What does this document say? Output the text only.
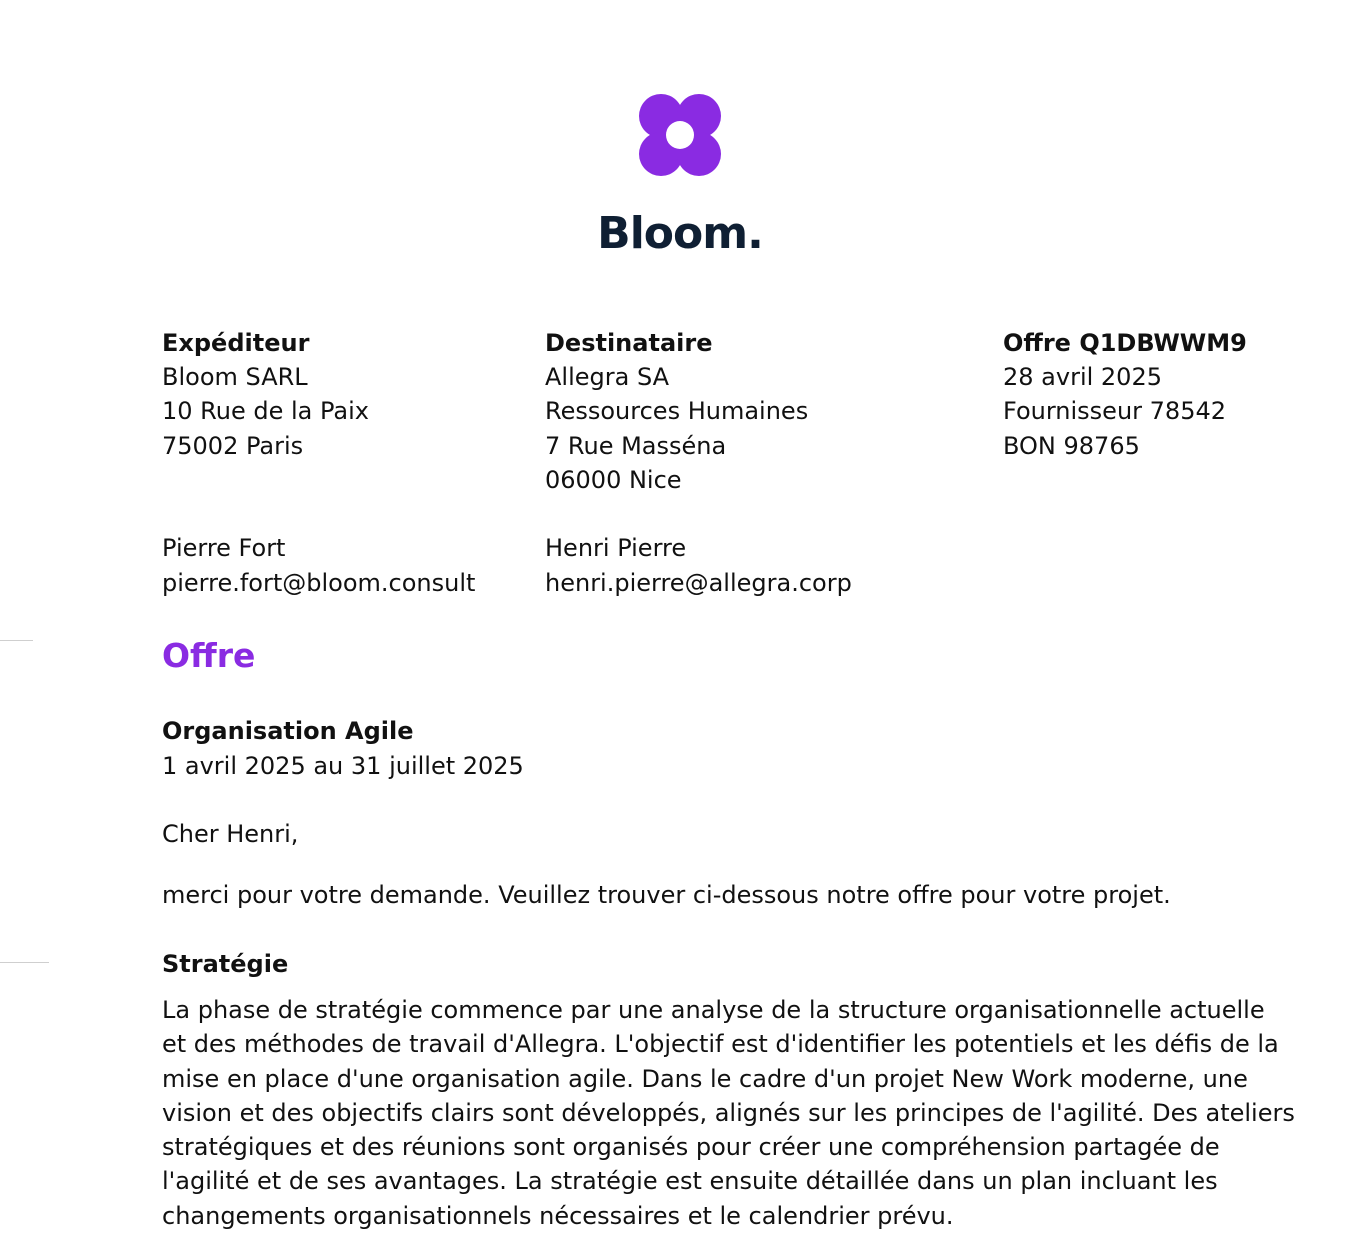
Bloom.
Expéditeur
Bloom SARL
10 Rue de la Paix
75002 Paris
Destinataire
Allegra SA
Ressources Humaines
7 Rue Masséna
06000 Nice
Offre Q1DBWWM9
28 avril 2025
Fournisseur 78542
BON 98765
Pierre Fort
pierre.fort@bloom.consult
Henri Pierre
henri.pierre@allegra.corp
Offre
Organisation Agile
1 avril 2025 au 31 juillet 2025
Cher Henri,
merci pour votre demande. Veuillez trouver ci-dessous notre offre pour votre projet.
Stratégie
La phase de stratégie commence par une analyse de la structure organisationnelle actuelle
et des méthodes de travail d'Allegra. L'objectif est d'identifier les potentiels et les défis de la
mise en place d'une organisation agile. Dans le cadre d'un projet New Work moderne, une
vision et des objectifs clairs sont développés, alignés sur les principes de l'agilité. Des ateliers
stratégiques et des réunions sont organisés pour créer une compréhension partagée de
l'agilité et de ses avantages. La stratégie est ensuite détaillée dans un plan incluant les
changements organisationnels nécessaires et le calendrier prévu.
